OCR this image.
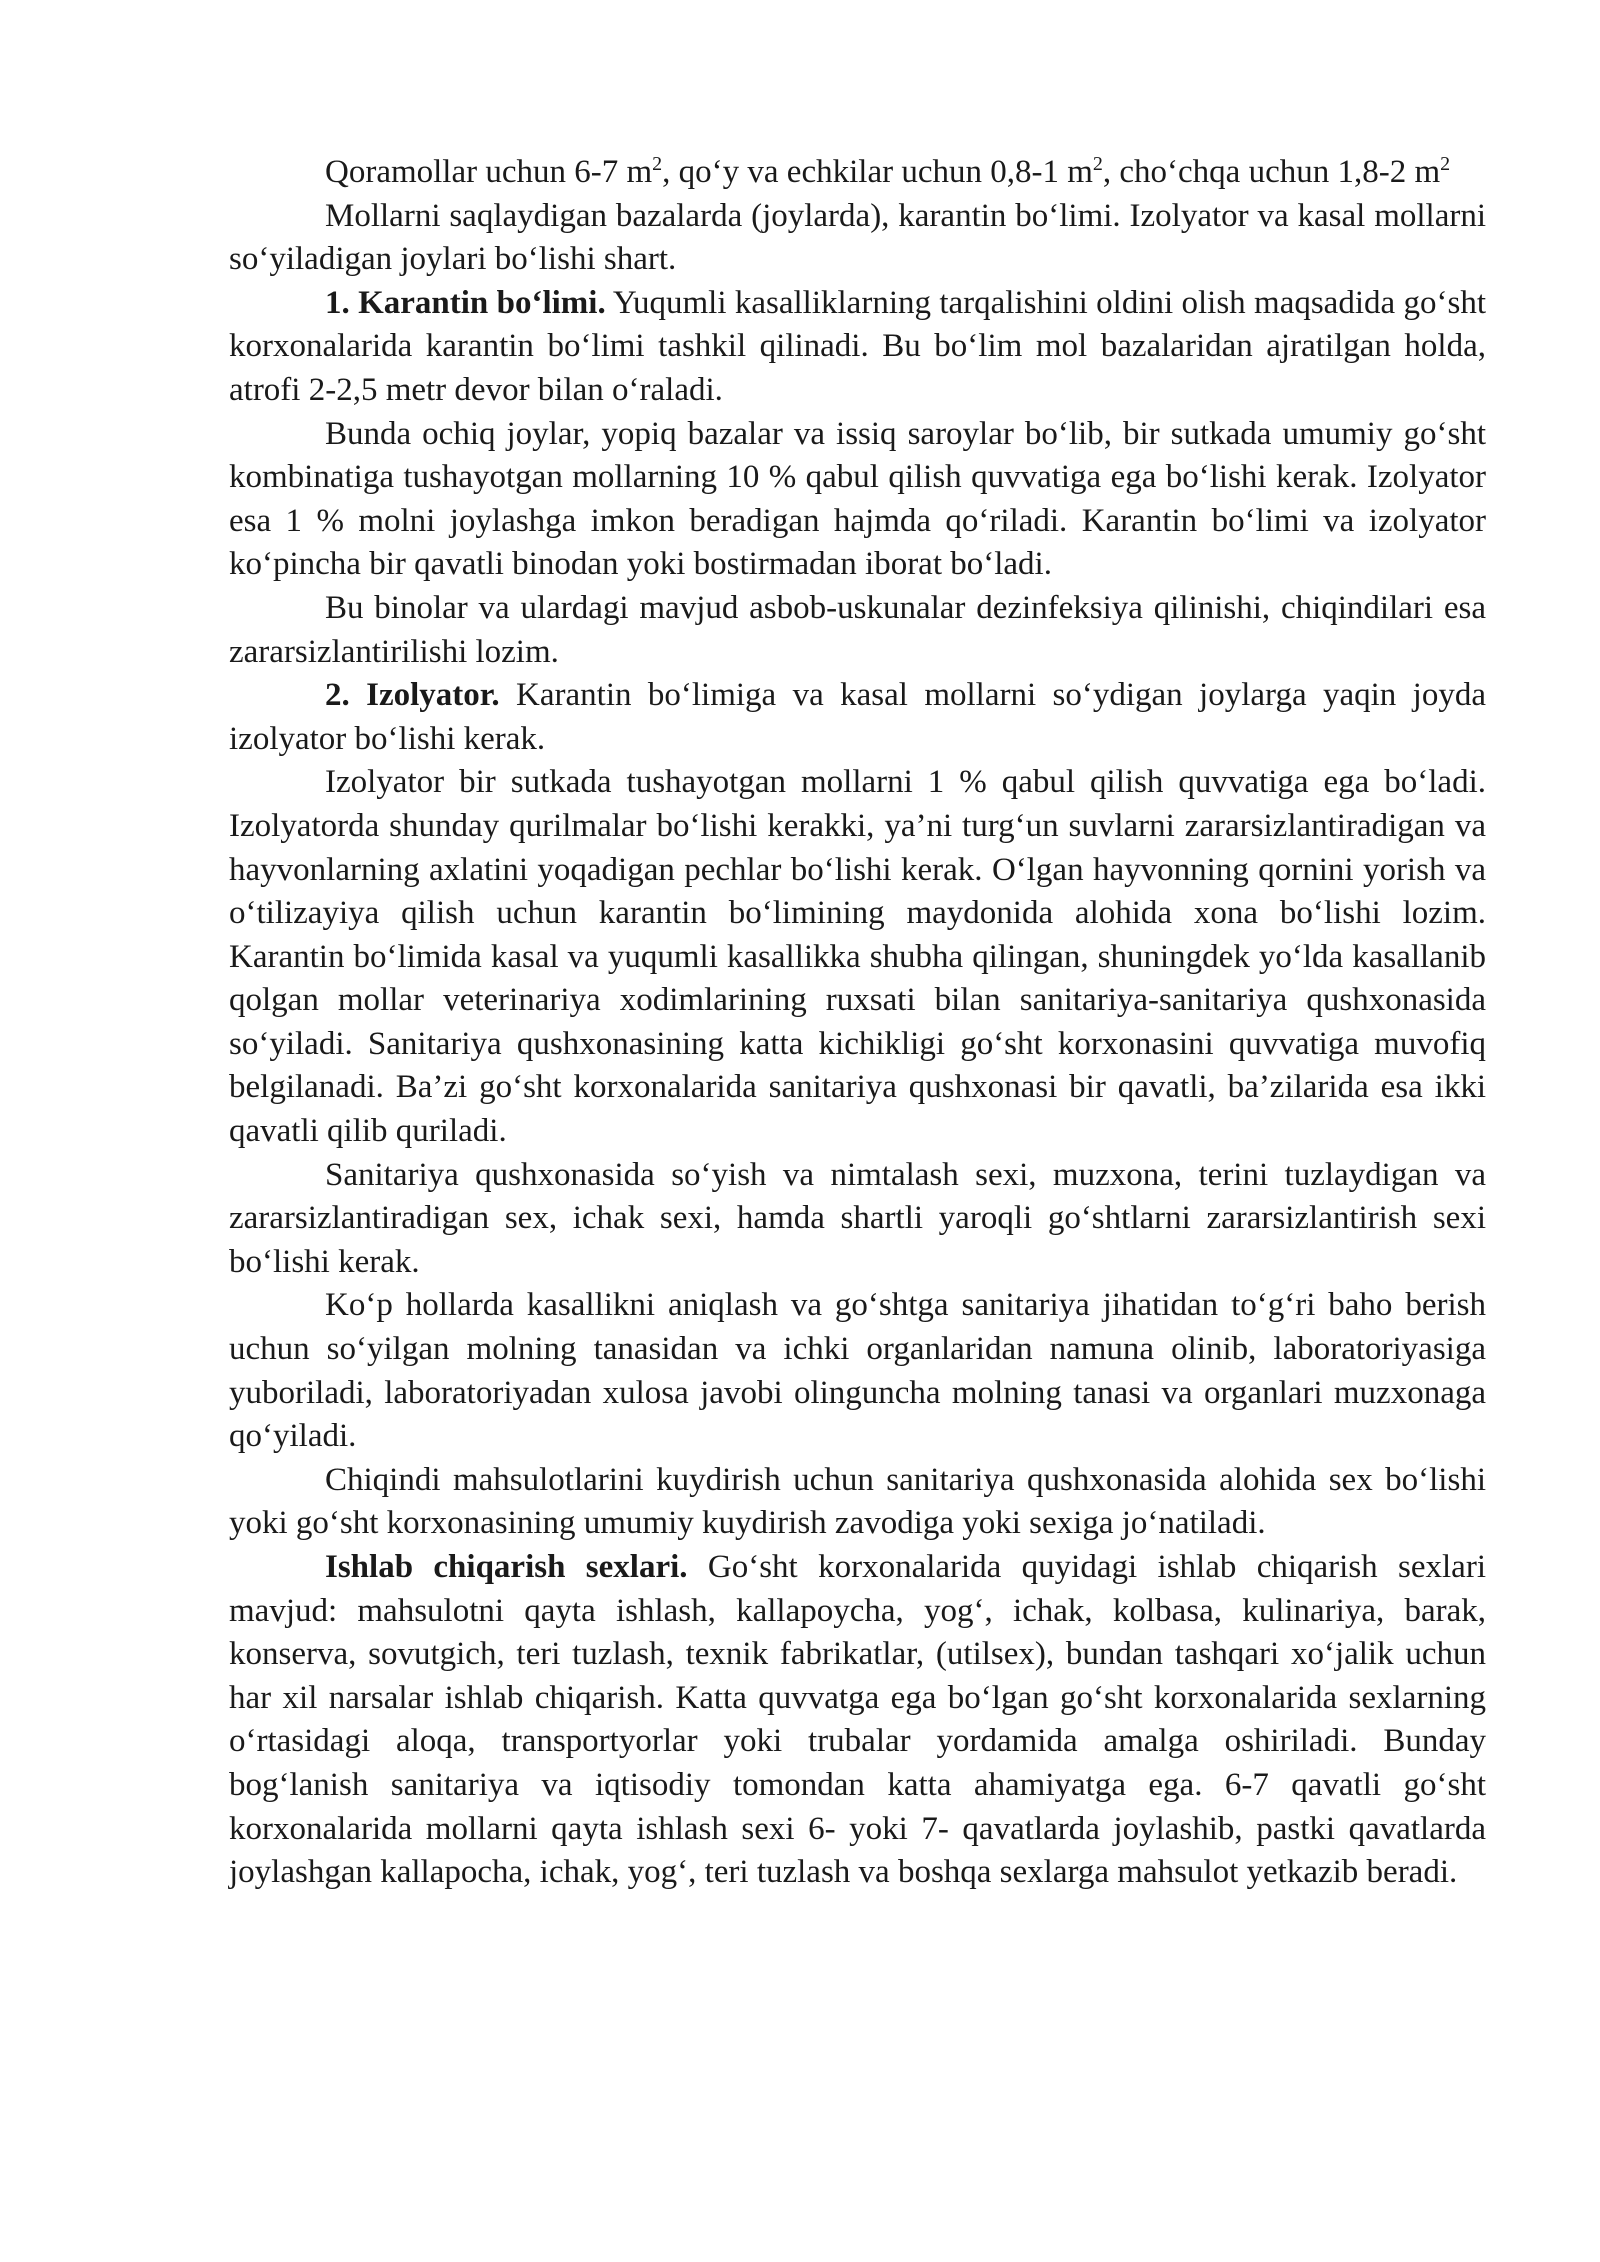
Qoramollar uchun 6-7 $m^2$, qo‘y va echkilar uchun 0,8-1 $m^2$, cho‘chqa uchun 1,8-2 $m^2$

Mollarni saqlaydigan bazalarda (joylarda), karantin bo‘limi. Izolyator va kasal mollarni so‘yiladigan joylari bo‘lishi shart.

1. Karantin bo‘limi. Yuqumli kasalliklarning tarqalishini oldini olish maqsadida go‘sht korxonalarida karantin bo‘limi tashkil qilinadi. Bu bo‘lim mol bazalaridan ajratilgan holda, atrofi 2-2,5 metr devor bilan o‘raladi.

Bunda ochiq joylar, yopiq bazalar va issiq saroylar bo‘lib, bir sutkada umumiy go‘sht kombinatiga tushayotgan mollarning 10 % qabul qilish quvvatiga ega bo‘lishi kerak. Izolyator esa 1 % molni joylashga imkon beradigan hajmda qo‘riladi. Karantin bo‘limi va izolyator ko‘pincha bir qavatli binodan yoki bostirmadan iborat bo‘ladi.

Bu binolar va ulardagi mavjud asbob-uskunalar dezinfeksiya qilinishi, chiqindilari esa zararsizlantirilishi lozim.

2. Izolyator. Karantin bo‘limiga va kasal mollarni so‘ydigan joylarga yaqin joyda izolyator bo‘lishi kerak.

Izolyator bir sutkada tushayotgan mollarni 1 % qabul qilish quvvatiga ega bo‘ladi. Izolyatorda shunday qurilmalar bo‘lishi kerakki, ya’ni turg‘un suvlarni zararsizlantiradigan va hayvonlarning axlatini yoqadigan pechlar bo‘lishi kerak. O‘lgan hayvonning qornini yorish va o‘tilizayiya qilish uchun karantin bo‘limining maydonida alohida xona bo‘lishi lozim. Karantin bo‘limida kasal va yuqumli kasallikka shubha qilingan, shuningdek yo‘lda kasallanib qolgan mollar veterinariya xodimlarining ruxsati bilan sanitariya-sanitariya qushxonasida so‘yiladi. Sanitariya qushxonasining katta kichikligi go‘sht korxonasini quvvatiga muvofiq belgilanadi. Ba’zi go‘sht korxonalarida sanitariya qushxonasi bir qavatli, ba’zilarida esa ikki qavatli qilib quriladi.

Sanitariya qushxonasida so‘yish va nimtalash sexi, muzxona, terini tuzlaydigan va zararsizlantiradigan sex, ichak sexi, hamda shartli yaroqli go‘shtlarni zararsizlantirish sexi bo‘lishi kerak.

Ko‘p hollarda kasallikni aniqlash va go‘shtga sanitariya jihatidan to‘g‘ri baho berish uchun so‘yilgan molning tanasidan va ichki organlaridan namuna olinib, laboratoriyasiga yuboriladi, laboratoriyadan xulosa javobi olinguncha molning tanasi va organlari muzxonaga qo‘yiladi.

Chiqindi mahsulotlarini kuydirish uchun sanitariya qushxonasida alohida sex bo‘lishi yoki go‘sht korxonasining umumiy kuydirish zavodiga yoki sexiga jo‘natiladi.

Ishlab chiqarish sexlari. Go‘sht korxonalarida quyidagi ishlab chiqarish sexlari mavjud: mahsulotni qayta ishlash, kallapoycha, yog‘, ichak, kolbasa, kulinariya, barak, konserva, sovutgich, teri tuzlash, texnik fabrikatlar, (utilsex), bundan tashqari xo‘jalik uchun har xil narsalar ishlab chiqarish. Katta quvvatga ega bo‘lgan go‘sht korxonalarida sexlarning o‘rtasidagi aloqa, transportyorlar yoki trubalar yordamida amalga oshiriladi. Bunday bog‘lanish sanitariya va iqtisodiy tomondan katta ahamiyatga ega. 6-7 qavatli go‘sht korxonalarida mollarni qayta ishlash sexi 6- yoki 7- qavatlarda joylashib, pastki qavatlarda joylashgan kallapocha, ichak, yog‘, teri tuzlash va boshqa sexlarga mahsulot yetkazib beradi.
